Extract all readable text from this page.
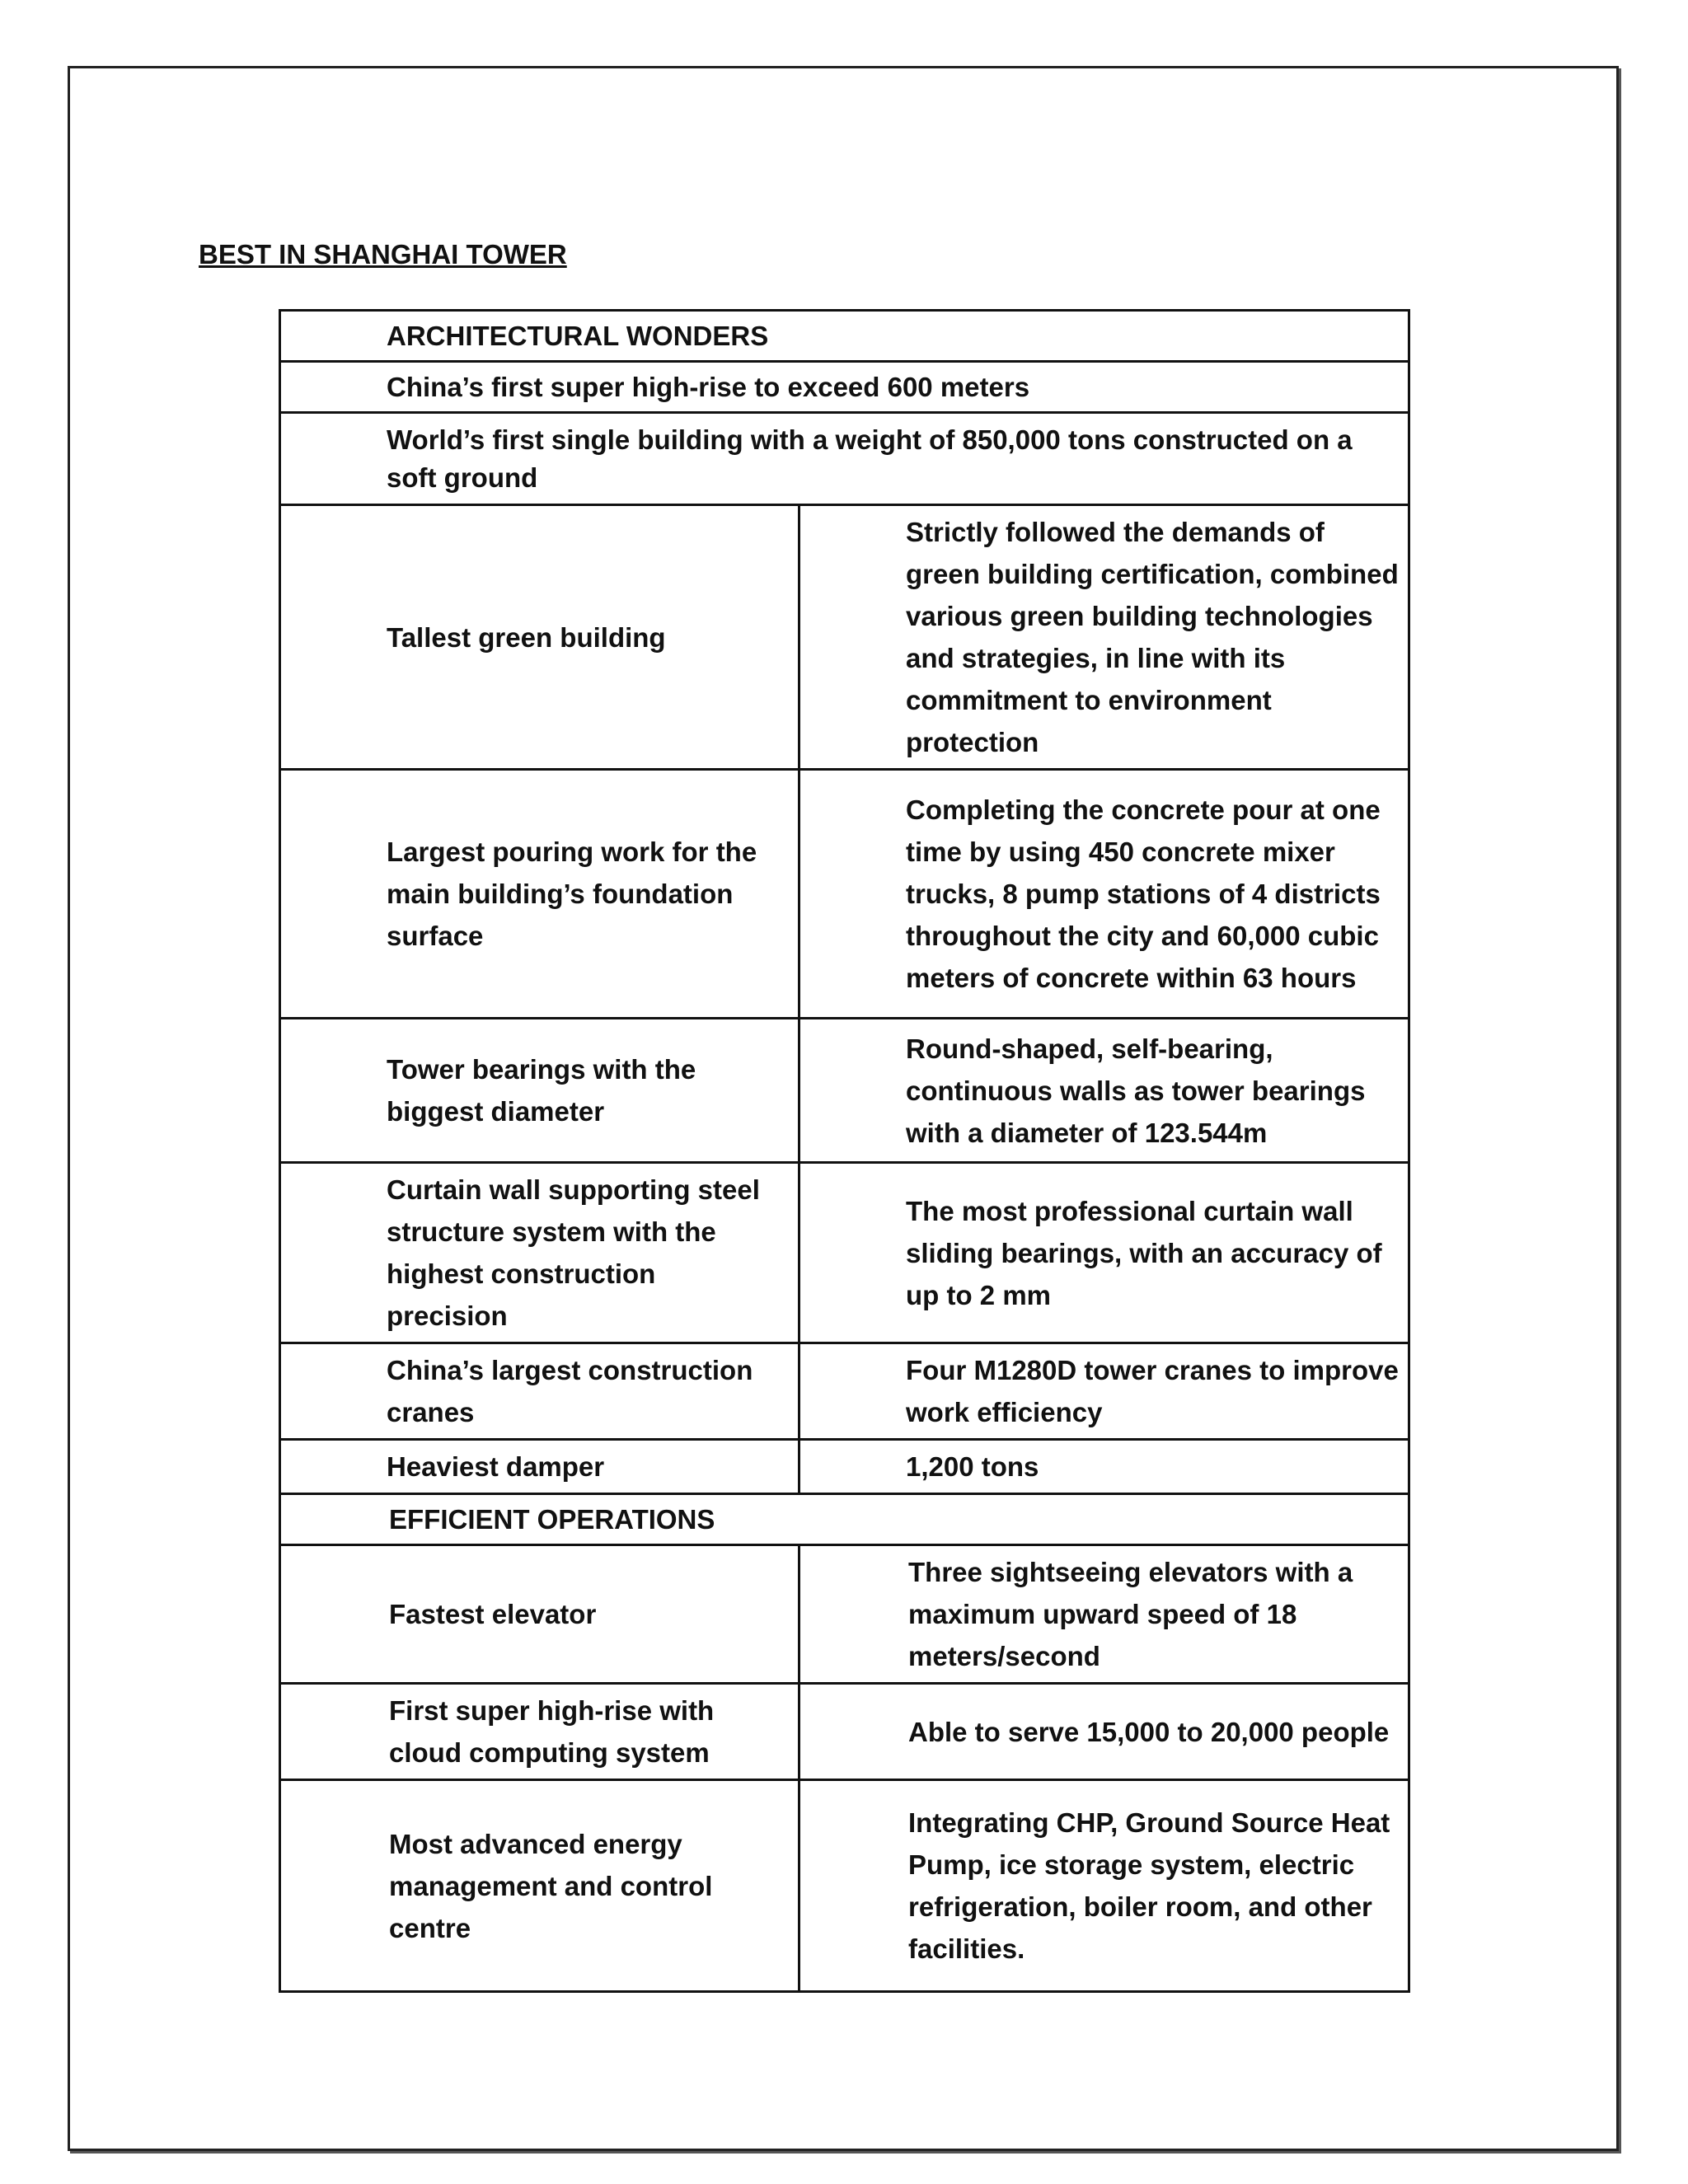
BEST IN SHANGHAI TOWER
ARCHITECTURAL WONDERS	
China’s first super high-rise to exceed 600 meters	
World’s first single building with a weight of 850,000 tons constructed on a soft ground	
Tallest green building	Strictly followed the demands of green building certification, combined various green building technologies and strategies, in line with its commitment to environment protection
Largest pouring work for the main building’s foundation surface	Completing the concrete pour at one time by using 450 concrete mixer trucks, 8 pump stations of 4 districts throughout the city and 60,000 cubic meters of concrete within 63 hours
Tower bearings with the biggest diameter	Round-shaped, self-bearing, continuous walls as tower bearings with a diameter of 123.544m
Curtain wall supporting steel structure system with the highest construction precision	The most professional curtain wall sliding bearings, with an accuracy of up to 2 mm
China’s largest construction cranes	Four M1280D tower cranes to improve work efficiency
Heaviest damper	1,200 tons
EFFICIENT OPERATIONS	
Fastest elevator	Three sightseeing elevators with a maximum upward speed of 18 meters/second
First super high-rise with cloud computing system	Able to serve 15,000 to 20,000 people
Most advanced energy management and control centre	Integrating CHP, Ground Source Heat Pump, ice storage system, electric refrigeration, boiler room, and other facilities.
